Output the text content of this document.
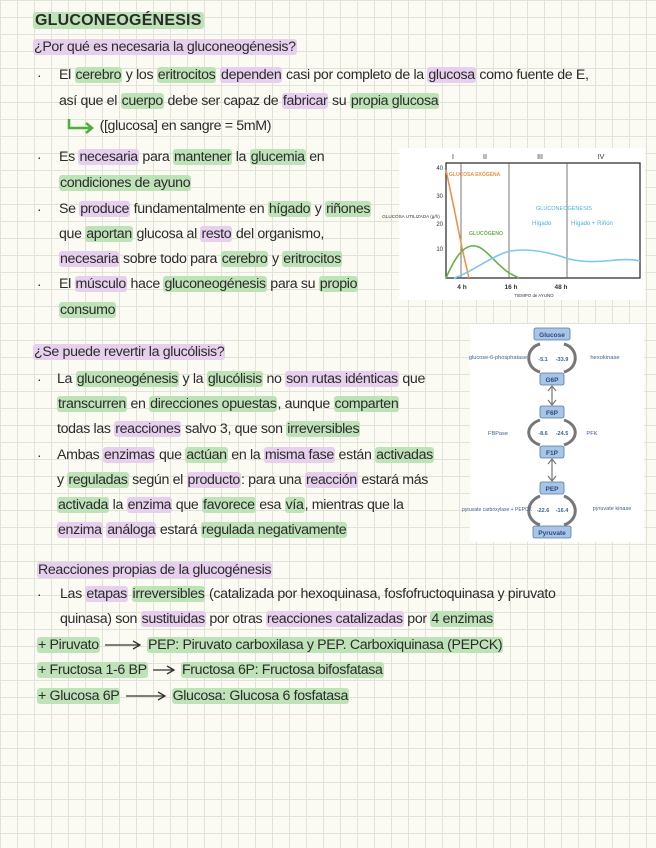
GLUCONEOGÉNESIS
¿Por qué es necesaria la gluconeogénesis?
· El cerebro y los eritrocitos dependen casi por completo de la glucosa como fuente de E,
así que el cuerpo debe ser capaz de fabricar su propia glucosa
([glucosa] en sangre = 5mM)
· Es necesaria para mantener la glucemia en
condiciones de ayuno
· Se produce fundamentalmente en hígado y riñones
que aportan glucosa al resto del organismo,
necesaria sobre todo para cerebro y eritrocitos
· El músculo hace gluconeogénesis para su propio
consumo
I	II	III	IV
40
30
20
10
GLUCOSA UTILIZADA (g/h)
GLUCOSA EXÓGENA
GLUCÓGENO
GLUCONEOGÉNESIS
Hígado	Hígado + Riñón
4 h	16 h	48 h
TIEMPO de AYUNO
¿Se puede revertir la glucólisis?
· La gluconeogénesis y la glucólisis no son rutas idénticas que
transcurren en direcciones opuestas, aunque comparten
todas las reacciones salvo 3, que son irreversibles
· Ambas enzimas que actúan en la misma fase están activadas
y reguladas según el producto: para una reacción estará más
activada la enzima que favorece esa vía, mientras que la
enzima análoga estará regulada negativamente
Glucose
G6P
F6P
F1P
PEP
Pyruvate
-5.1 -33.9
-8.6 -24.5
-22.6 -16.4
glucose-6-phosphatase
FBPase
pyruvate carboxylase + PEPCK
hexokinase
PFK
pyruvate kinase
Reacciones propias de la glucogénesis
· Las etapas irreversibles (catalizada por hexoquinasa, fosfofructoquinasa y piruvato
quinasa) son sustituidas por otras reacciones catalizadas por 4 enzimas
+ Piruvato	PEP: Piruvato carboxilasa y PEP. Carboxiquinasa (PEPCK)
+ Fructosa 1-6 BP Fructosa 6P: Fructosa bifosfatasa
+ Glucosa 6P	Glucosa: Glucosa 6 fosfatasa
